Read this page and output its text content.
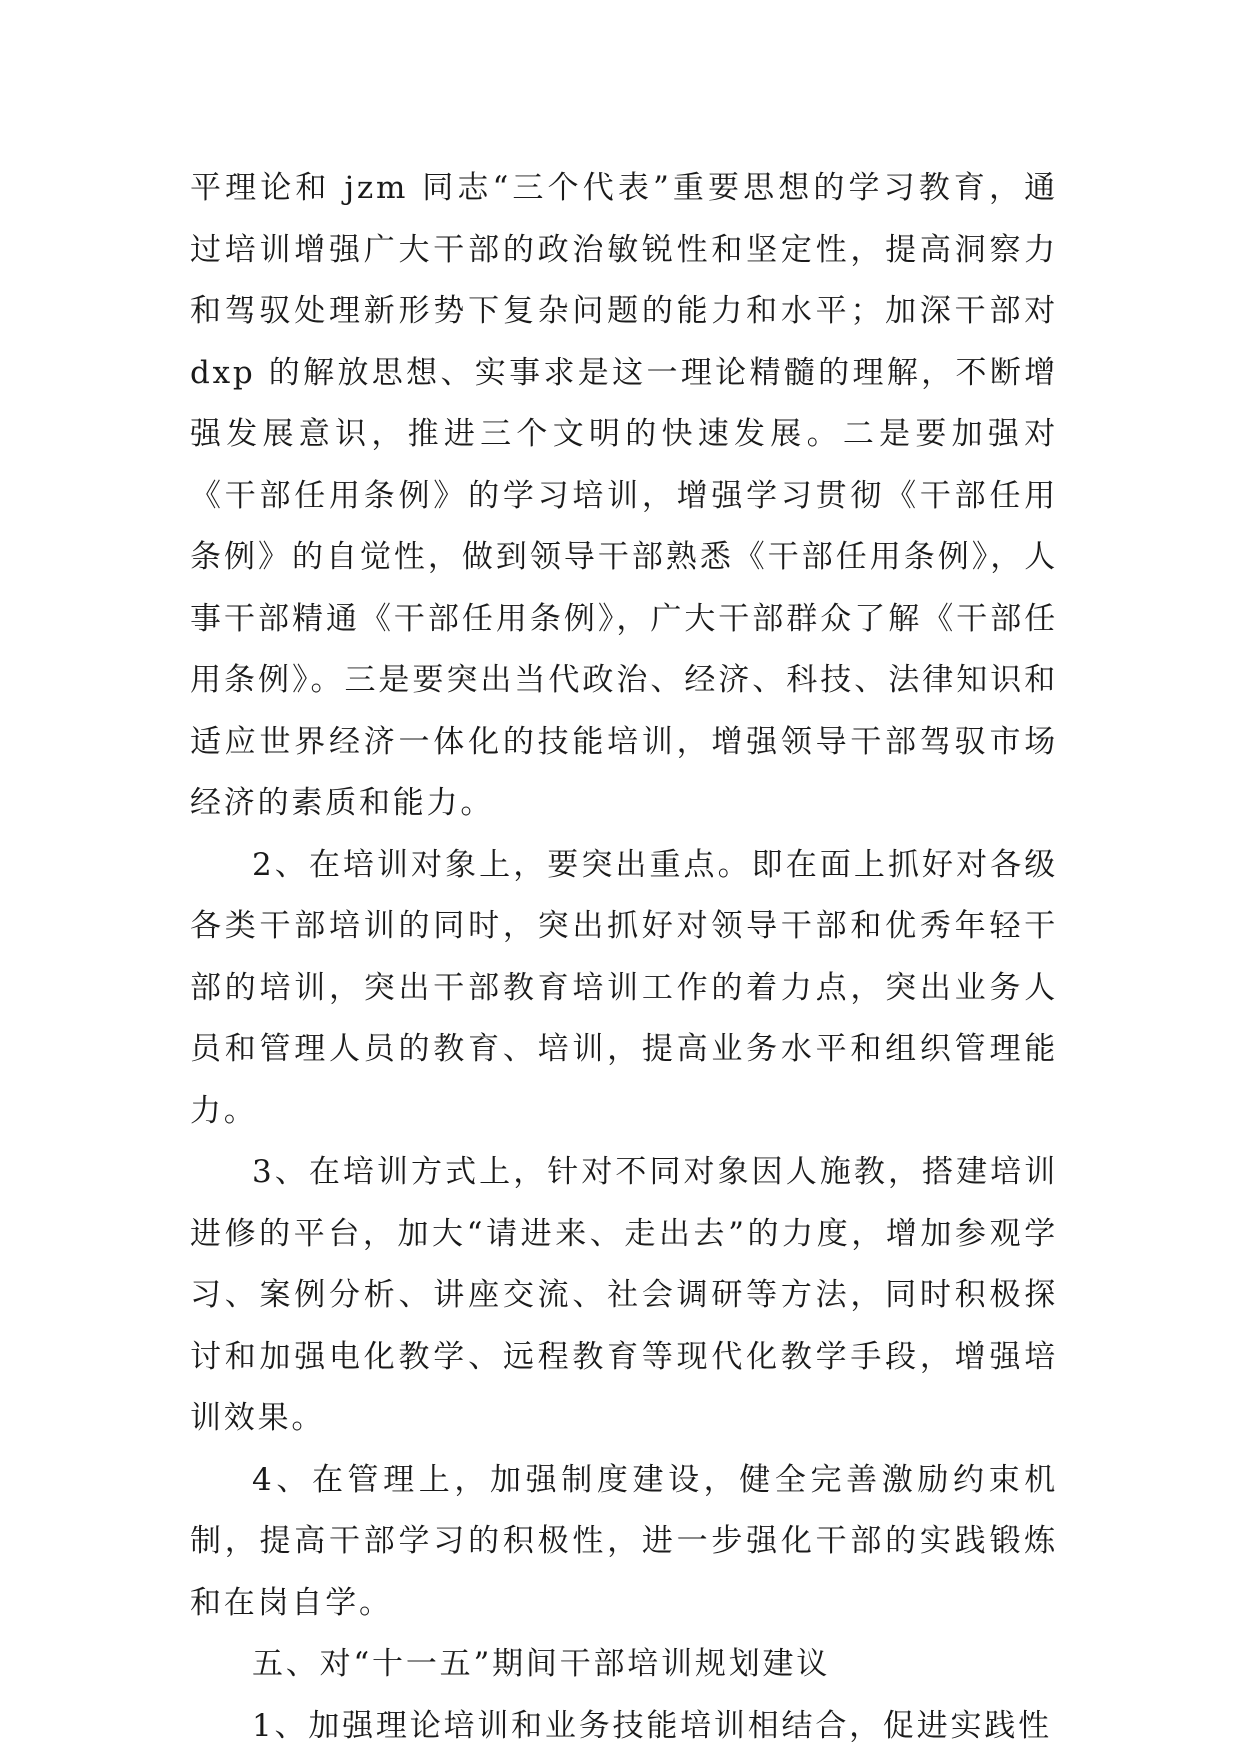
平理论和 jzm 同志“三个代表”重要思想的学习教育，通过培训增强广大干部的政治敏锐性和坚定性，提高洞察力和驾驭处理新形势下复杂问题的能力和水平；加深干部对 dxp 的解放思想、实事求是这一理论精髓的理解，不断增强发展意识，推进三个文明的快速发展。二是要加强对《干部任用条例》的学习培训，增强学习贯彻《干部任用条例》的自觉性，做到领导干部熟悉《干部任用条例》，人事干部精通《干部任用条例》，广大干部群众了解《干部任用条例》。三是要突出当代政治、经济、科技、法律知识和适应世界经济一体化的技能培训，增强领导干部驾驭市场经济的素质和能力。

2、在培训对象上，要突出重点。即在面上抓好对各级各类干部培训的同时，突出抓好对领导干部和优秀年轻干部的培训，突出干部教育培训工作的着力点，突出业务人员和管理人员的教育、培训，提高业务水平和组织管理能力。

3、在培训方式上，针对不同对象因人施教，搭建培训进修的平台，加大“请进来、走出去”的力度，增加参观学习、案例分析、讲座交流、社会调研等方法，同时积极探讨和加强电化教学、远程教育等现代化教学手段，增强培训效果。

4、在管理上，加强制度建设，健全完善激励约束机制，提高干部学习的积极性，进一步强化干部的实践锻炼和在岗自学。

五、对“十一五”期间干部培训规划建议

1、加强理论培训和业务技能培训相结合，促进实践性
